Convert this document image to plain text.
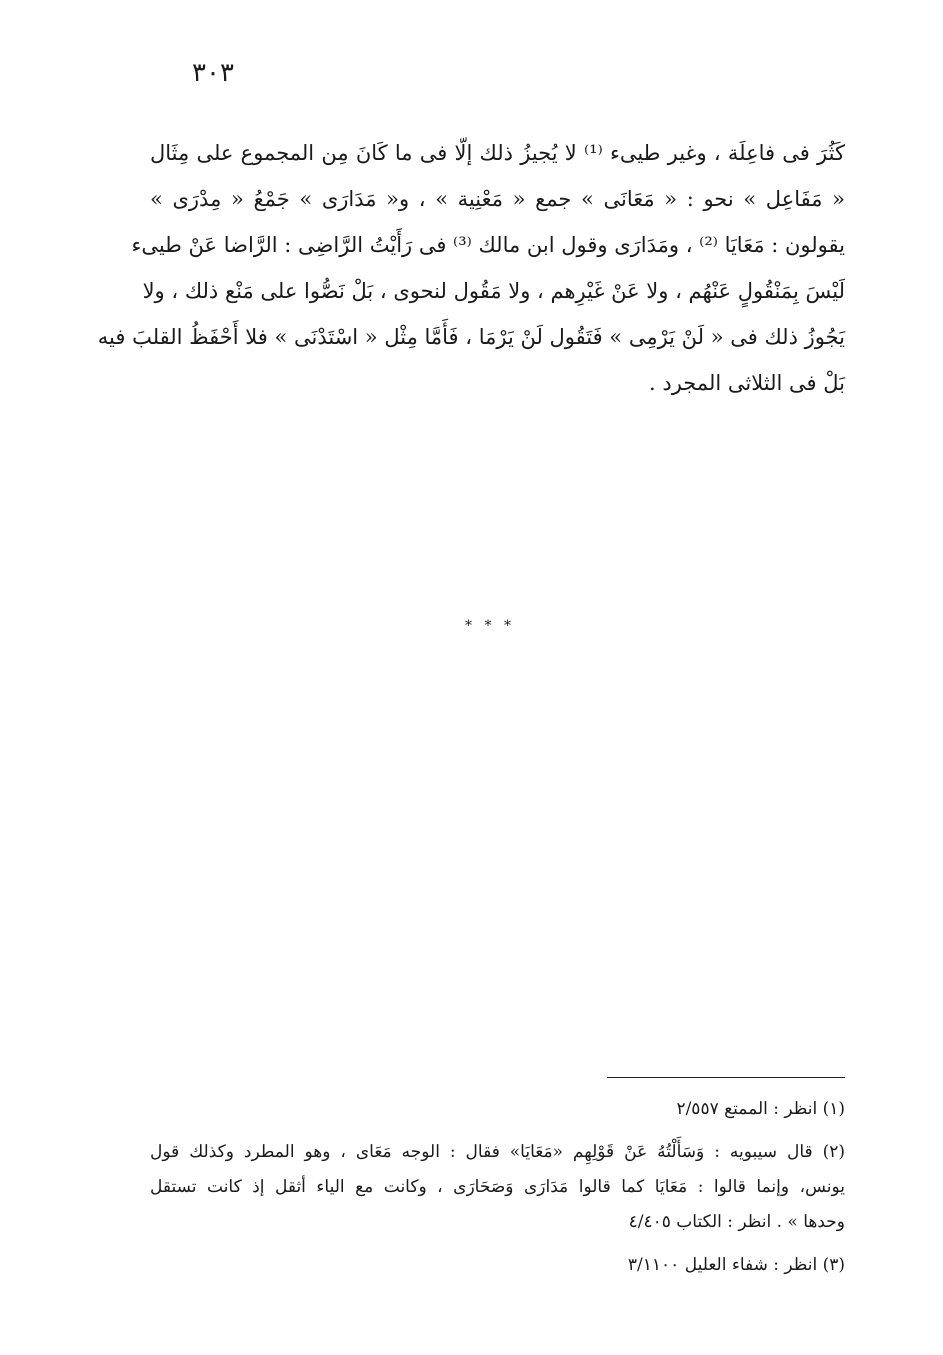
٣٠٣
كَثُرَ فى فاعِلَة ، وغير طيىء ⁽¹⁾ لا يُجيزُ ذلك إلّا فى ما كَانَ مِن المجموع على مِثَال
« مَفَاعِل » نحو : « مَعَانَى » جمع « مَعْنِية » ، و« مَدَارَى » جَمْعُ « مِدْرَى »
يقولون : مَعَايَا ⁽²⁾ ، ومَدَارَى وقول ابن مالك ⁽³⁾ فى رَأَيْتُ الرَّاضِى : الرَّاضا عَنْ طيىء
لَيْسَ بِمَنْقُولٍ عَنْهُم ، ولا عَنْ غَيْرِهم ، ولا مَقُول لنحوى ، بَلْ نَصُّوا على مَنْع ذلك ، ولا
يَجُوزُ ذلك فى « لَنْ يَرْمِى » فَتَقُول لَنْ يَرْمَا ، فَأَمَّا مِثْل « اسْتَدْنَى » فلا أَحْفَظُ القلبَ فيه
بَلْ فى الثلاثى المجرد .
* * *
(١) انظر : الممتع ٢/٥٥٧
(٢) قال سيبويه : وَسَأَلْتُهُ عَنْ قَوْلِهِم «مَعَايَا» فقال : الوجه مَعَاى ، وهو المطرد وكذلك قول
يونس، وإنما قالوا : مَعَايَا كما قالوا مَدَارَى وَصَحَارَى ، وكانت مع الياء أثقل إذ كانت تستقل
وحدها » . انظر : الكتاب ٤/٤٠٥
(٣) انظر : شفاء العليل ٣/١١٠٠
